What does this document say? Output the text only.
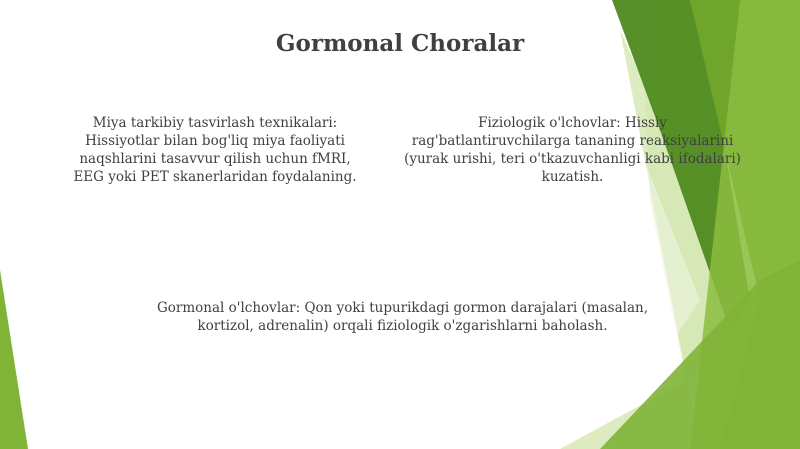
Gormonal Choralar

Miya tarkibiy tasvirlash texnikalari: Hissiyotlar bilan bog'liq miya faoliyati naqshlarini tasavvur qilish uchun fMRI, EEG yoki PET skanerlaridan foydalaning.

Fiziologik o'lchovlar: Hissiy rag'batlantiruvchilarga tananing reaksiyalarini (yurak urishi, teri o'tkazuvchanligi kabi ifodalari) kuzatish.

Gormonal o'lchovlar: Qon yoki tupurikdagi gormon darajalari (masalan, kortizol, adrenalin) orqali fiziologik o'zgarishlarni baholash.
